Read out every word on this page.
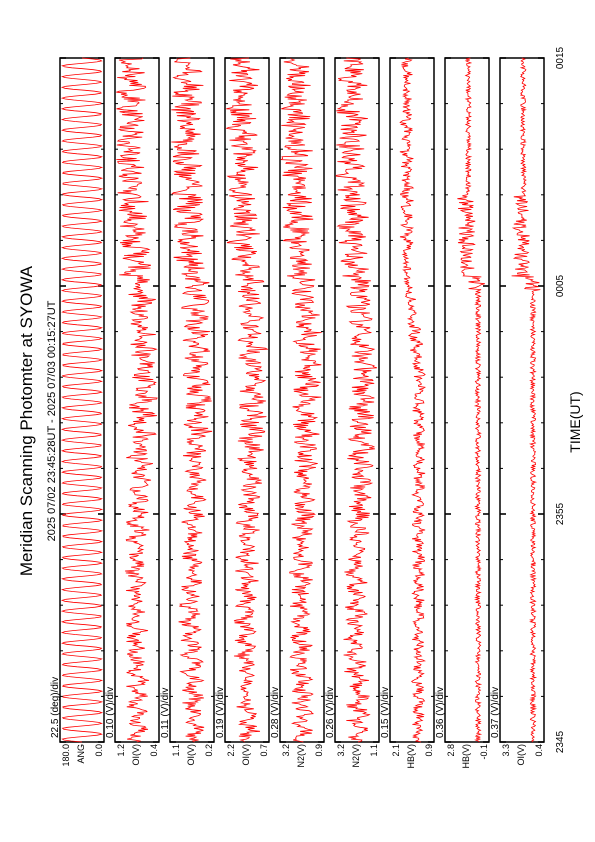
Meridian Scanning Photomter at SYOWA 2025 07/02 23:45:28UT - 2025 07/03 00:15:27UT	TIME(UT)
2345
2355
0005
0015
22.5 (deg)/div
180.0 ANG 0.0
0.10 (V)/div
1.2 OI(V) 0.4
0.11 (V)/div
1.1 OI(V) 0.2
0.19 (V)/div
2.2 OI(V) 0.7
0.28 (V)/div
3.2 N2(V) 0.9
0.26 (V)/div
3.2 N2(V) 1.1
0.15 (V)/div
2.1 HB(V) 0.9
0.36 (V)/div
2.8 HB(V) -0.1
0.37 (V)/div
3.3 OI(V) 0.4
